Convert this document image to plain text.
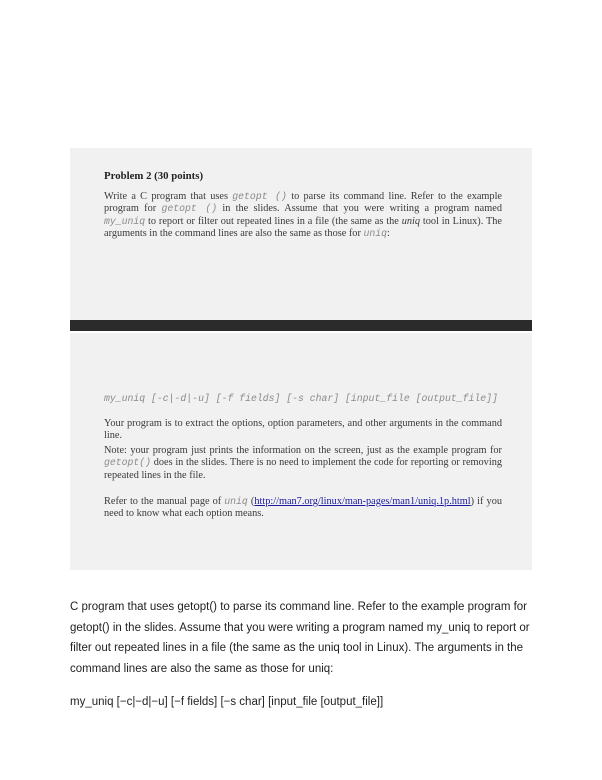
Problem 2 (30 points)
Write a C program that uses getopt () to parse its command line. Refer to the example program for getopt () in the slides. Assume that you were writing a program named my_uniq to report or filter out repeated lines in a file (the same as the uniq tool in Linux). The arguments in the command lines are also the same as those for uniq:
my_uniq [-c|-d|-u] [-f fields] [-s char] [input_file [output_file]]
Your program is to extract the options, option parameters, and other arguments in the command line.
Note: your program just prints the information on the screen, just as the example program for getopt() does in the slides. There is no need to implement the code for reporting or removing repeated lines in the file.
Refer to the manual page of uniq (http://man7.org/linux/man-pages/man1/uniq.1p.html) if you need to know what each option means.
C program that uses getopt() to parse its command line. Refer to the example program for getopt() in the slides. Assume that you were writing a program named my_uniq to report or filter out repeated lines in a file (the same as the uniq tool in Linux). The arguments in the command lines are also the same as those for uniq:
my_uniq [−c|−d|−u] [−f fields] [−s char] [input_file [output_file]]
